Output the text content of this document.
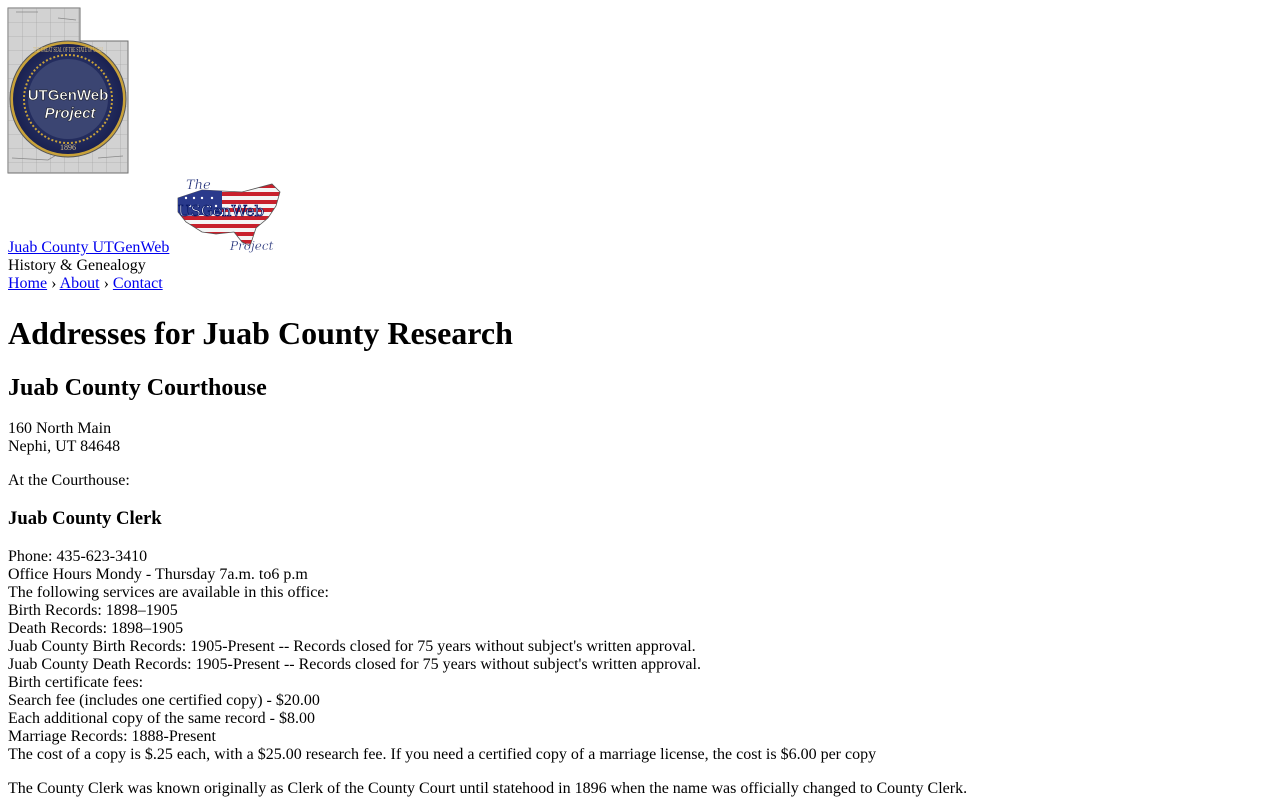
THE GREAT SEAL OF THE STATE OF UTAH
1896
UTGenWeb
Project
The
USGenWeb
Project
Juab County UTGenWeb
History & Genealogy
Home › About › Contact
Addresses for Juab County Research
Juab County Courthouse
160 North Main
Nephi, UT 84648
At the Courthouse:
Juab County Clerk
Phone: 435-623-3410
Office Hours Mondy - Thursday 7a.m. to6 p.m
The following services are available in this office:
Birth Records: 1898–1905
Death Records: 1898–1905
Juab County Birth Records: 1905-Present -- Records closed for 75 years without subject's written approval.
Juab County Death Records: 1905-Present -- Records closed for 75 years without subject's written approval.
Birth certificate fees:
Search fee (includes one certified copy) - $20.00
Each additional copy of the same record - $8.00
Marriage Records: 1888-Present
The cost of a copy is $.25 each, with a $25.00 research fee. If you need a certified copy of a marriage license, the cost is $6.00 per copy
The County Clerk was known originally as Clerk of the County Court until statehood in 1896 when the name was officially changed to County Clerk.
